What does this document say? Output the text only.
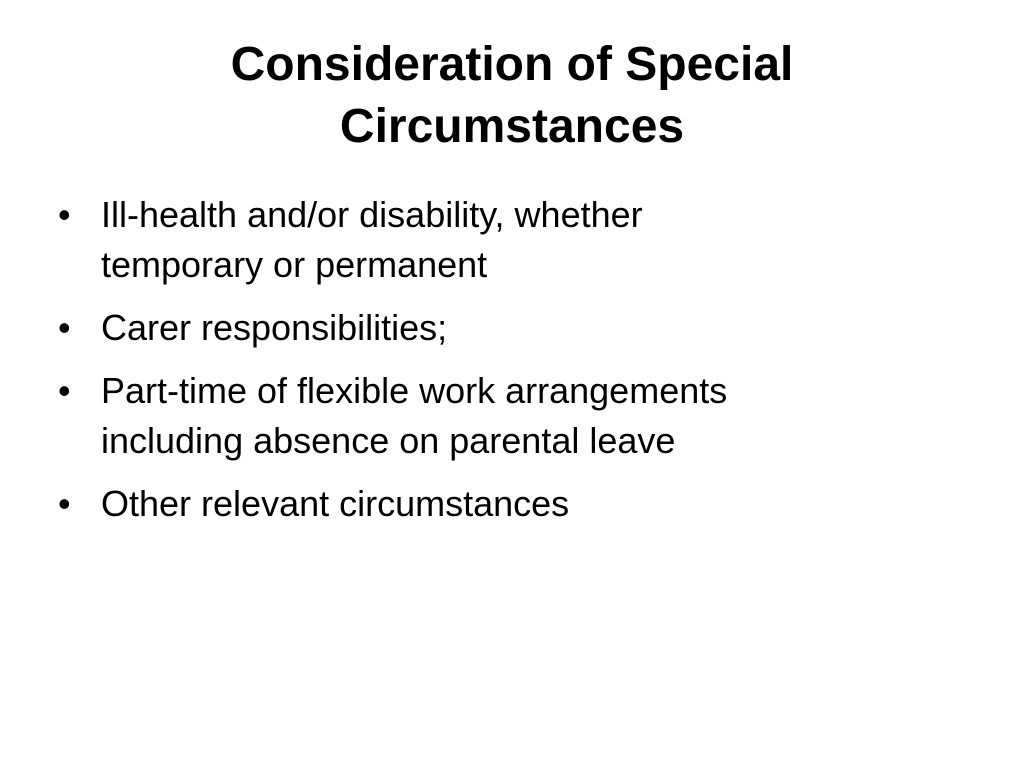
Consideration of Special
Circumstances
• Ill-health and/or disability, whether
temporary or permanent
• Carer responsibilities;
• Part-time of flexible work arrangements
including absence on parental leave
• Other relevant circumstances
